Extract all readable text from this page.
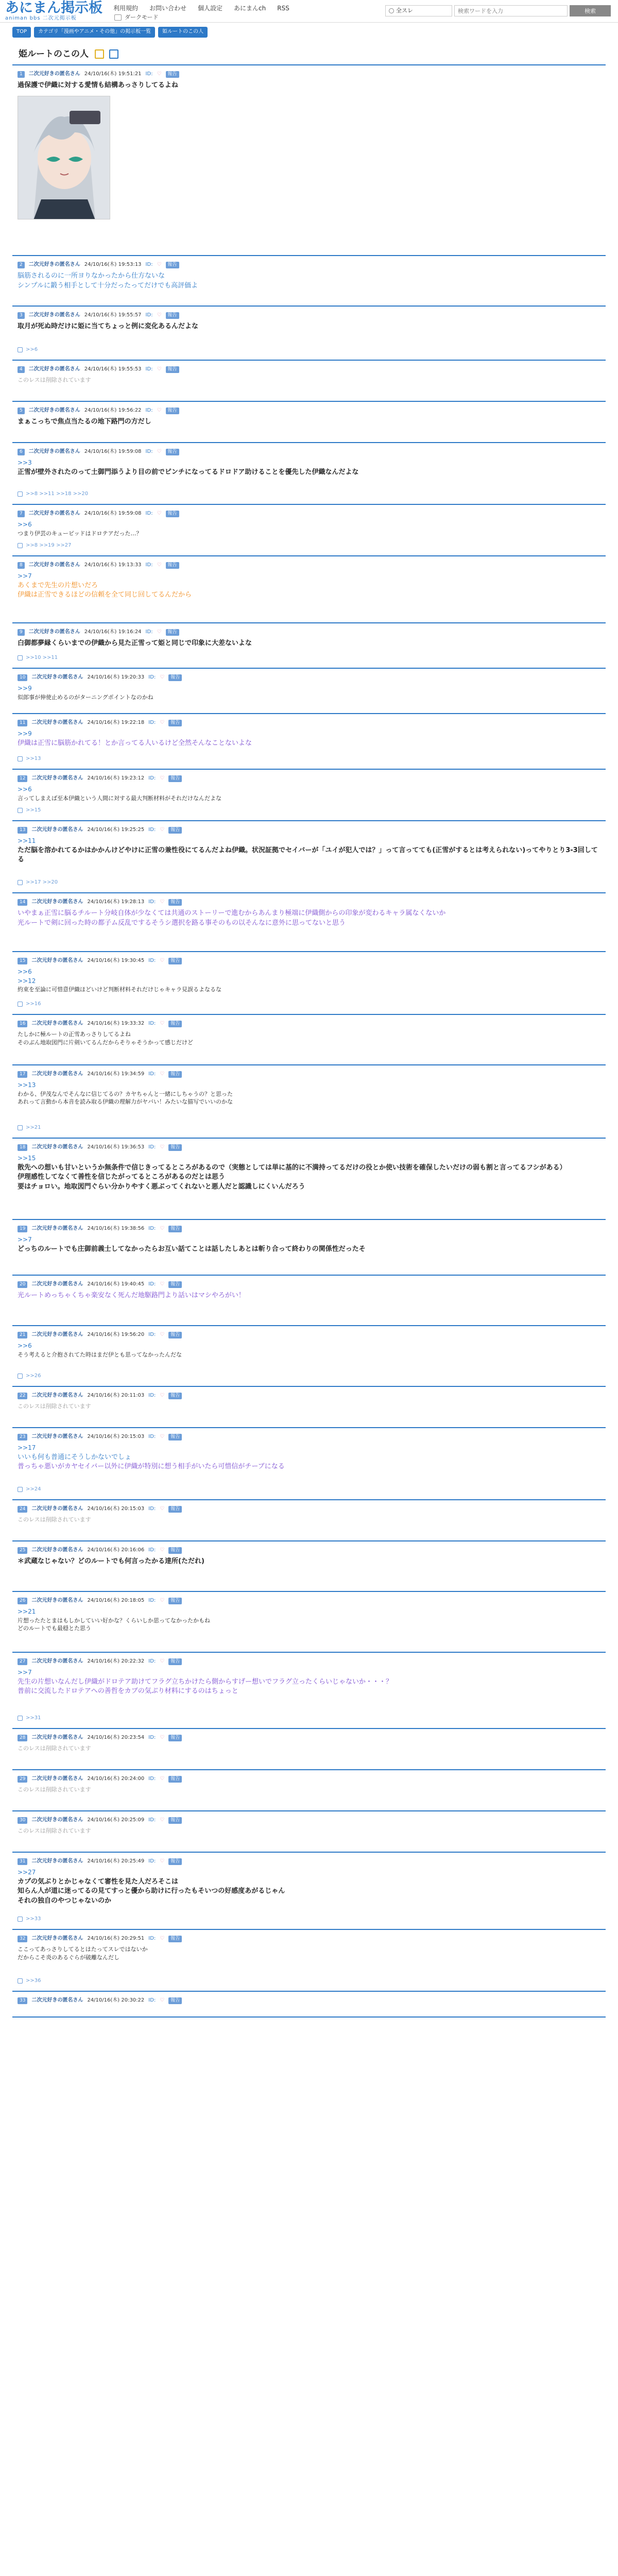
あにまん掲示板
animan bbs 二次元掲示板
利用規約 お問い合わせ 個人設定 あにまんch RSS
ダークモード
全スレ
検索ワードを入力	検索
TOP	カテゴリ「漫画やアニメ・その他」の掲示板一覧	姫ルートのこの人
姫ルートのこの人
1	二次元好きの匿名さん 24/10/16(木) 19:51:21 ID: ♡	報告
過保護で伊織に対する愛情も結構あっさりしてるよね
2	二次元好きの匿名さん 24/10/16(木) 19:53:13 ID: ♡	報告
脳筋されるのに一所ヨりなかったから仕方ないな
シンプルに鍛う相手として十分だったってだけでも高評価よ
3	二次元好きの匿名さん 24/10/16(木) 19:55:57 ID: ♡	報告
取月が死ぬ時だけに姫に当てちょっと例に変化あるんだよな
>>6
4	二次元好きの匿名さん 24/10/16(木) 19:55:53 ID: ♡	報告
このレスは削除されています
5	二次元好きの匿名さん 24/10/16(木) 19:56:22 ID: ♡	報告
まぁこっちで焦点当たるの地下路門の方だし
6	二次元好きの匿名さん 24/10/16(木) 19:59:08 ID: ♡	報告
>>3
正雪が壁外されたのって土御門添うより目の前でピンチになってるドロドア助けることを優先した伊織なんだよな
>>8 >>11 >>18 >>20
7	二次元好きの匿名さん 24/10/16(木) 19:59:08 ID: ♡	報告
>>6
つまり伊芸のキューピッドはドロテアだった…？
>>8 >>19 >>27
8	二次元好きの匿名さん 24/10/16(木) 19:13:33 ID: ♡	報告
>>7
あくまで先生の片想いだろ
伊織は正雪できるほどの信頼を全て同じ回してるんだから
9	二次元好きの匿名さん 24/10/16(木) 19:16:24 ID: ♡	報告
白御都夢縁くらいまでの伊織から見た正雪って姫と同じで印象に大差ないよな
>>10 >>11
10	二次元好きの匿名さん 24/10/16(木) 19:20:33 ID: ♡	報告
>>9
似郎事が伸使止めるのがターニングポイントなのかね
11	二次元好きの匿名さん 24/10/16(木) 19:22:18 ID: ♡	報告
>>9
伊織は正雪に脳筋かれてる！とか言ってる人いるけど全然そんなことないよな
>>13
12	二次元好きの匿名さん 24/10/16(木) 19:23:12 ID: ♡	報告
>>6
言ってしまえば至本伊織という人間に対する最大判断材料がそれだけなんだよな
>>15
13	二次元好きの匿名さん 24/10/16(木) 19:25:25 ID: ♡	報告
>>11
ただ脳を溶かれてるかはかかんけどやけに正雪の兼性役にてるんだよね伊織。状況証拠でセイバーが「ユイが犯人では？」って言ってても(正雪がするとは考えられない)ってやりとり3-3回してる
>>17 >>20
14	二次元好きの匿名さん 24/10/16(木) 19:28:13 ID: ♡	報告
いやまぁ正雪に脳るチルート分岐自体が少なくては共通のストーリーで進むからあんまり極端に伊織側からの印象が変わるキャラ属なくないか
光ルートで剣に回った時の都子ム反乱でするそうシ選択を路る事そのもの以そんなに意外に思ってないと思う
15	二次元好きの匿名さん 24/10/16(木) 19:30:45 ID: ♡	報告
>>6
>>12
約束を至論に可惜意伊織ほどいけど判断材料それだけじゃキャラ見誤るよなるな
>>16
16	二次元好きの匿名さん 24/10/16(木) 19:33:32 ID: ♡	報告
たしかに極ルートの正雪あっさりしてるよね
そのぶん地取図門に片剣いてるんだからそりゃそうかって感じだけど
17	二次元好きの匿名さん 24/10/16(木) 19:34:59 ID: ♡	報告
>>13
わかる、伊茂なんでそんなに信じてるの？カヤちゃんと一緒にしちゃうの？と思った
あれって言動から本音を読み取る伊織の理解力がヤバい！みたいな描写でいいのかな
>>21
18	二次元好きの匿名さん 24/10/16(木) 19:36:53 ID: ♡	報告
>>15
散先への想いも甘いというか無条件で信じきってるところがあるので（実態としては単に基的に不満持ってるだけの役とか使い技術を確保したいだけの弱も割と言ってるフシがある）
伊理感性してなくて善性を信じたがってるところがあるのだとは思う
要はチョロい。地取図門ぐらい分かりやすく悪ぶってくれないと悪人だと認識しにくいんだろう
19	二次元好きの匿名さん 24/10/16(木) 19:38:56 ID: ♡	報告
>>7
どっちのルートでも庄御前義士してなかったらお互い話てことは話したしあとは斬り合って終わりの関係性だったそ
20	二次元好きの匿名さん 24/10/16(木) 19:40:45 ID: ♡	報告
光ルートめっちゃくちゃ楽安なく死んだ地駆路門より話いはマシやろがい！
21	二次元好きの匿名さん 24/10/16(木) 19:56:20 ID: ♡	報告
>>6
そう考えると介抱されてた時はまだ伊とも思ってなかったんだな
>>26
22	二次元好きの匿名さん 24/10/16(木) 20:11:03 ID: ♡	報告
このレスは削除されています
23	二次元好きの匿名さん 24/10/16(木) 20:15:03 ID: ♡	報告
>>17
いいも何も普通にそうしかないでしょ
普っちゃ悪いがカヤセイバー以外に伊織が特別に想う相手がいたら可惜信がチーブになる
>>24
24	二次元好きの匿名さん 24/10/16(木) 20:15:03 ID: ♡	報告
このレスは削除されています
25	二次元好きの匿名さん 24/10/16(木) 20:16:06 ID: ♡	報告
＊武蔵なじゃない？どのルートでも何言ったかる達所(ただれ)
26	二次元好きの匿名さん 24/10/16(木) 20:18:05 ID: ♡	報告
>>21
片想ったたとまはもしかしていい好かな？くらいしか思ってなかったかもね
どのルートでも最穏とた思う
27	二次元好きの匿名さん 24/10/16(木) 20:22:32 ID: ♡	報告
>>7
先生の片想いなんだし伊織がドロテア助けてフラグ立ちかけたら側からすげー想いでフラグ立ったくらいじゃないか・・・？
普前に交流したドロテアへの善哲をカブの気ぶり材料にするのはちょっと
>>31
28	二次元好きの匿名さん 24/10/16(木) 20:23:54 ID: ♡	報告
このレスは削除されています
29	二次元好きの匿名さん 24/10/16(木) 20:24:00 ID: ♡	報告
このレスは削除されています
30	二次元好きの匿名さん 24/10/16(木) 20:25:09 ID: ♡	報告
このレスは削除されています
31	二次元好きの匿名さん 24/10/16(木) 20:25:49 ID: ♡	報告
>>27
カプの気ぶりとかじゃなくて審性を見た人だろそこは
知らん人が道に迷ってるの見てすっと優から助けに行ったもそいつの好感度あがるじゃん
それの独自のやつじゃないのか
>>33
32	二次元好きの匿名さん 24/10/16(木) 20:29:51 ID: ♡	報告
ここってあっさりしてるとはたってスレではないか
だからこそ炎のあるぐらが破離なんだし
>>36
33	二次元好きの匿名さん 24/10/16(木) 20:30:22 ID: ♡	報告
